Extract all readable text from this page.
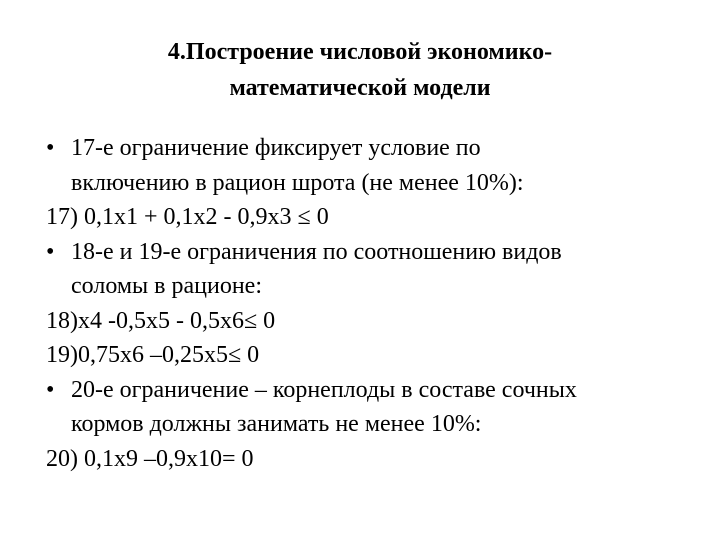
4.Построение числовой экономико-
математической модели
• 17-е ограничение фиксирует условие по
включению в рацион шрота (не менее 10%):
17) 0,1х1 + 0,1х2 - 0,9х3 ≤ 0
• 18-е и 19-е ограничения по соотношению видов
соломы в рационе:
18)х4 -0,5х5 - 0,5х6≤ 0
19)0,75х6 –0,25х5≤ 0
• 20-е ограничение – корнеплоды в составе сочных
кормов должны занимать не менее 10%:
20) 0,1х9 –0,9х10= 0
